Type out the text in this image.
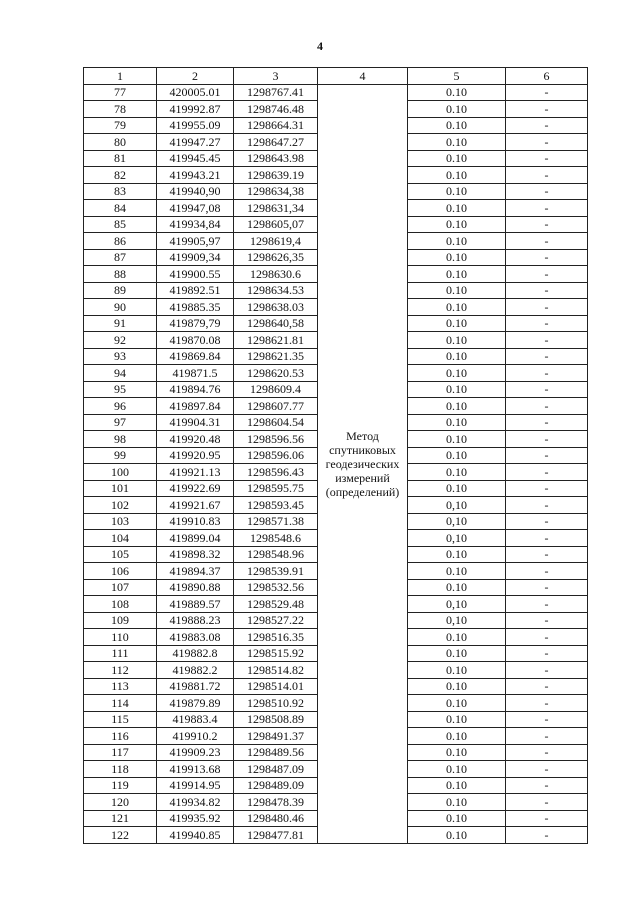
4
1	2	3	4	5	6
77	420005.01	1298767.41	Метод спутниковых геодезических измерений (определений)	0.10	-
78	419992.87	1298746.48		0.10	-
79	419955.09	1298664.31		0.10	-
80	419947.27	1298647.27		0.10	-
81	419945.45	1298643.98		0.10	-
82	419943.21	1298639.19		0.10	-
83	419940,90	1298634,38		0.10	-
84	419947,08	1298631,34		0.10	-
85	419934,84	1298605,07		0.10	-
86	419905,97	1298619,4		0.10	-
87	419909,34	1298626,35		0.10	-
88	419900.55	1298630.6		0.10	-
89	419892.51	1298634.53		0.10	-
90	419885.35	1298638.03		0.10	-
91	419879,79	1298640,58		0.10	-
92	419870.08	1298621.81		0.10	-
93	419869.84	1298621.35		0.10	-
94	419871.5	1298620.53		0.10	-
95	419894.76	1298609.4		0.10	-
96	419897.84	1298607.77		0.10	-
97	419904.31	1298604.54		0.10	-
98	419920.48	1298596.56		0.10	-
99	419920.95	1298596.06		0.10	-
100	419921.13	1298596.43		0.10	-
101	419922.69	1298595.75		0.10	-
102	419921.67	1298593.45		0,10	-
103	419910.83	1298571.38		0,10	-
104	419899.04	1298548.6		0,10	-
105	419898.32	1298548.96		0.10	-
106	419894.37	1298539.91		0.10	-
107	419890.88	1298532.56		0.10	-
108	419889.57	1298529.48		0,10	-
109	419888.23	1298527.22		0,10	-
110	419883.08	1298516.35		0.10	-
111	419882.8	1298515.92		0.10	-
112	419882.2	1298514.82		0.10	-
113	419881.72	1298514.01		0.10	-
114	419879.89	1298510.92		0.10	-
115	419883.4	1298508.89		0.10	-
116	419910.2	1298491.37		0.10	-
117	419909.23	1298489.56		0.10	-
118	419913.68	1298487.09		0.10	-
119	419914.95	1298489.09		0.10	-
120	419934.82	1298478.39		0.10	-
121	419935.92	1298480.46		0.10	-
122	419940.85	1298477.81		0.10	-
